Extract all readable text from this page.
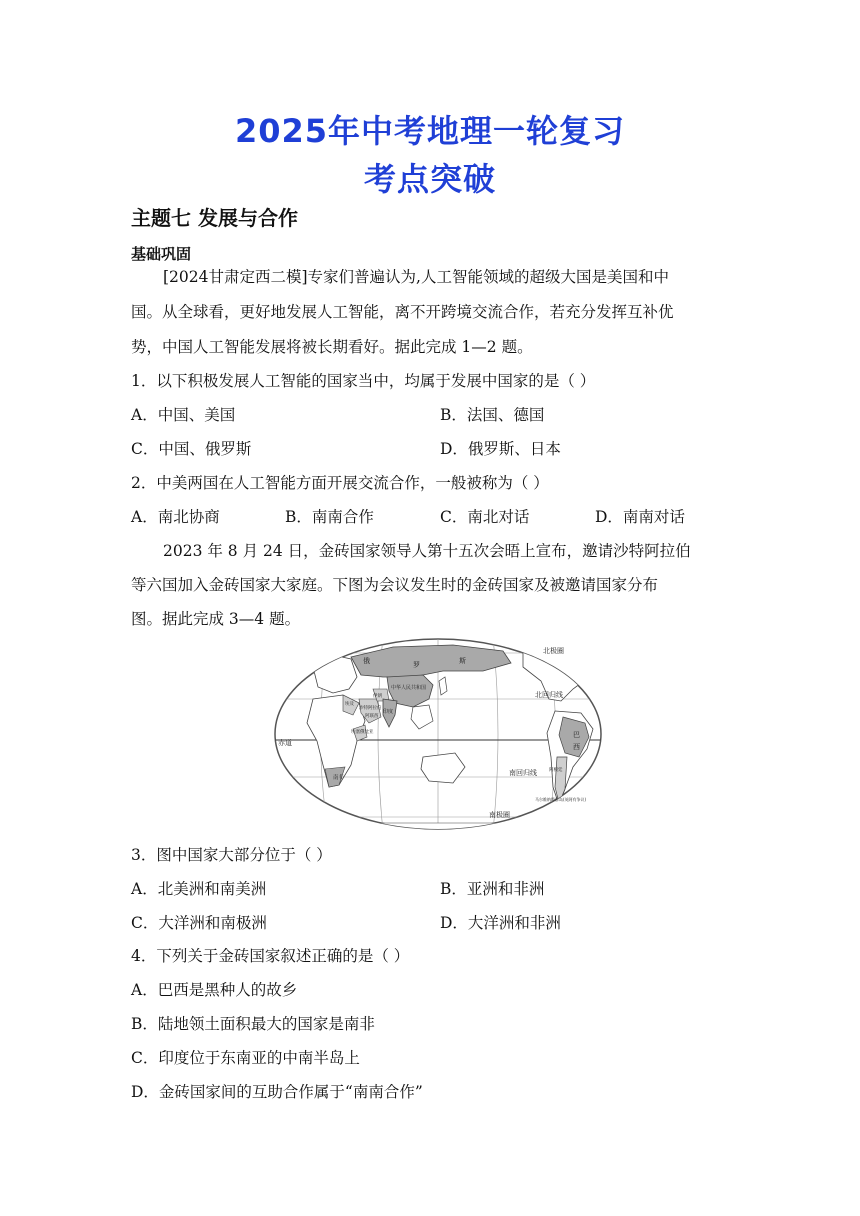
2025年中考地理一轮复习
考点突破
主题七 发展与合作
基础巩固
[2024甘肃定西二模]专家们普遍认为,人工智能领域的超级大国是美国和中
国。从全球看，更好地发展人工智能，离不开跨境交流合作，若充分发挥互补优
势，中国人工智能发展将被长期看好。据此完成 1—2 题。
1．以下积极发展人工智能的国家当中，均属于发展中国家的是（ ）
A．中国、美国	B．法国、德国
C．中国、俄罗斯	D．俄罗斯、日本
2．中美两国在人工智能方面开展交流合作，一般被称为（ ）
A．南北协商	B．南南合作	C．南北对话	D．南南对话
2023 年 8 月 24 日，金砖国家领导人第十五次会晤上宣布，邀请沙特阿拉伯
等六国加入金砖国家大家庭。下图为会议发生时的金砖国家及被邀请国家分布
图。据此完成 3—4 题。
俄	罗	斯
北极圈
北回归线
赤道
南回归线
南极圈
中华人民共和国
印度
南非
巴
西
伊朗
沙特阿拉伯
阿联酋
埃及
埃塞俄比亚
阿根廷
马尔维纳斯群岛(英阿有争议)
3．图中国家大部分位于（ ）
A．北美洲和南美洲	B．亚洲和非洲
C．大洋洲和南极洲	D．大洋洲和非洲
4．下列关于金砖国家叙述正确的是（ ）
A．巴西是黑种人的故乡
B．陆地领土面积最大的国家是南非
C．印度位于东南亚的中南半岛上
D．金砖国家间的互助合作属于“南南合作”
